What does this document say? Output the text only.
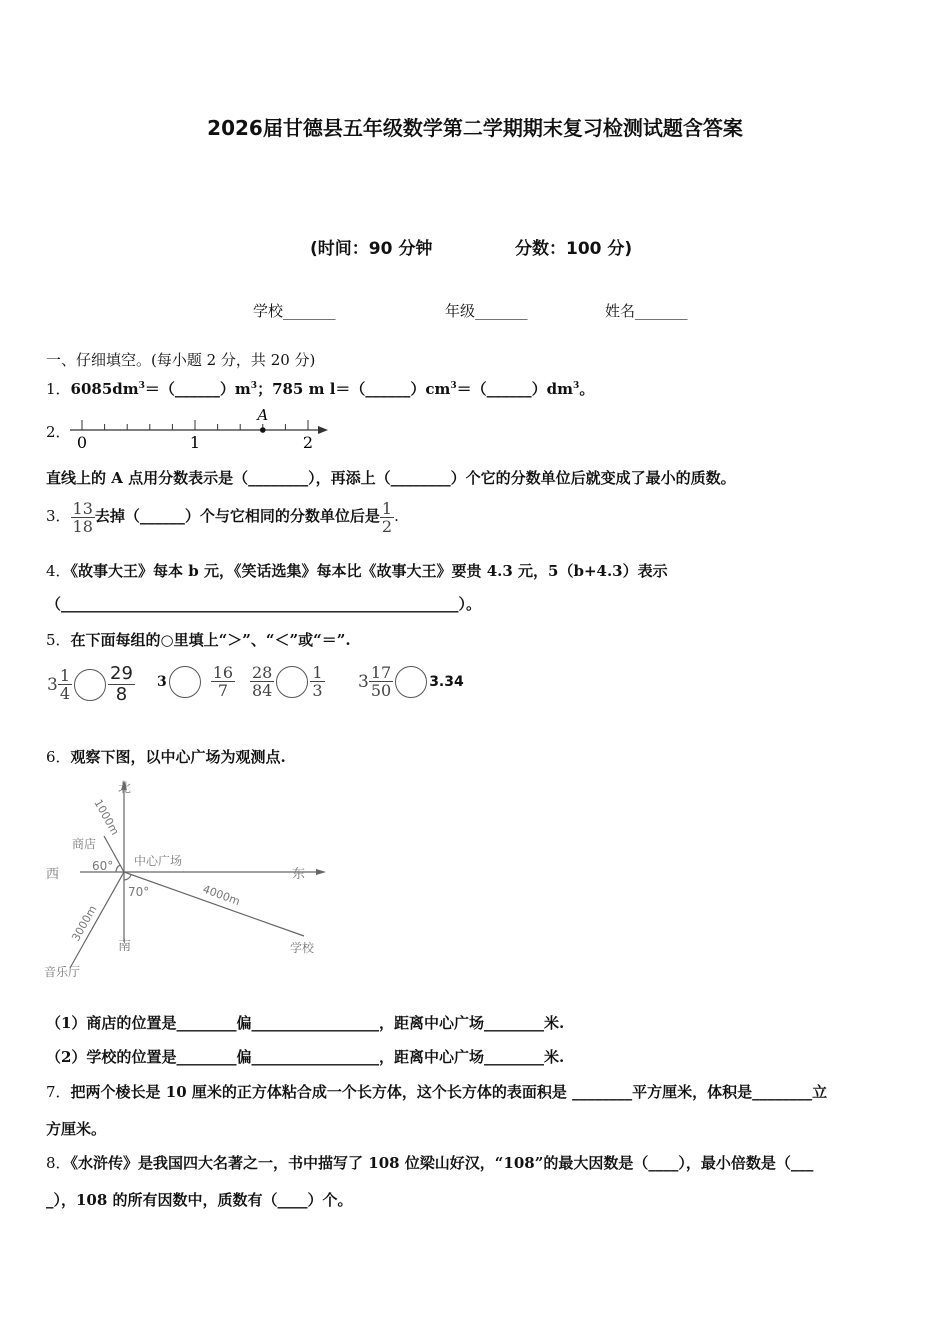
2026届甘德县五年级数学第二学期期末复习检测试题含答案
(时间：90 分钟	分数：100 分)
学校_______	年级_______	姓名_______
一、仔细填空。(每小题 2 分，共 20 分)
1．$6085dm^3=(\_\_\_\_\_\_)m^3$；785 m $l=(\_\_\_\_\_\_)cm^3=(\_\_\_\_\_\_)dm^3$。
2．
A
0	1	2
直线上的 A 点用分数表示是（________），再添上（________）个它的分数单位后就变成了最小的质数。
3． $\frac{13}{18}$ 去掉（______）个与它相同的分数单位后是 $\frac{1}{2}$ .
4．《故事大王》每本 b 元，《笑话选集》每本比《故事大王》要贵 4.3 元，5（b+4.3）表示
（_____________________________________________________）。
5．在下面每组的○里填上“＞”、“＜”或“＝”.
$3 \frac{1}{4} \frac{29}{8} 3$	$\frac{16}{7} \frac{28}{84} \frac{1}{3} 3 \frac{17}{50}$	3.34
6．观察下图，以中心广场为观测点.
北
南
东
西
中心广场
商店
学校
音乐厅
1000m
4000m
3000m
60°
70°
（1）商店的位置是________偏_________________，距离中心广场________米.
（2）学校的位置是________偏_________________，距离中心广场________米.
7．把两个棱长是 10 厘米的正方体粘合成一个长方体，这个长方体的表面积是 ________平方厘米，体积是________立
方厘米。
8．《水浒传》是我国四大名著之一，书中描写了 108 位梁山好汉，“108”的最大因数是（____），最小倍数是（___
_），108 的所有因数中，质数有（____）个。
